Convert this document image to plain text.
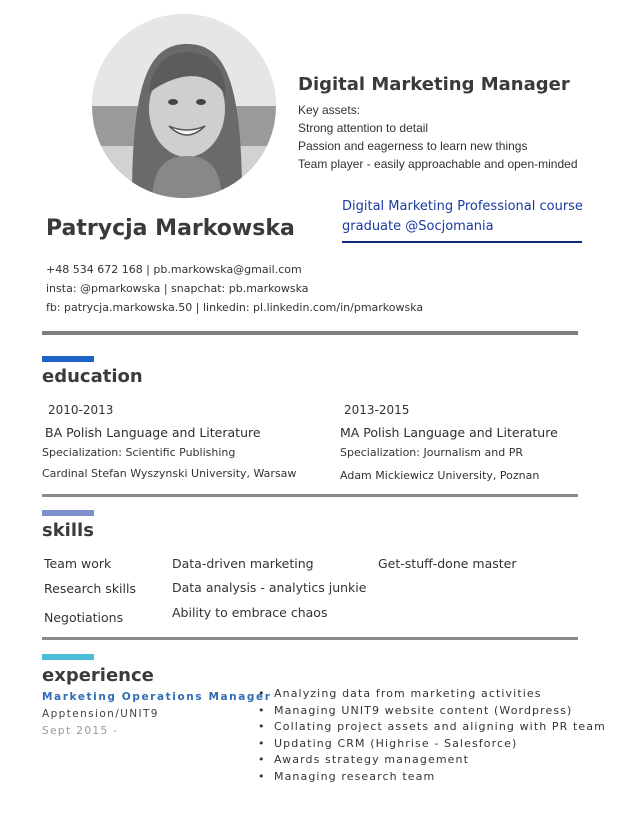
Digital Marketing Manager
Key assets:
Strong attention to detail
Passion and eagerness to learn new things
Team player - easily approachable and open-minded
Digital Marketing Professional course
graduate @Socjomania
Patrycja Markowska
+48 534 672 168 | pb.markowska@gmail.com
insta: @pmarkowska | snapchat: pb.markowska
fb: patrycja.markowska.50 | linkedin: pl.linkedin.com/in/pmarkowska
education
2010-2013
BA Polish Language and Literature
Specialization: Scientific Publishing
Cardinal Stefan Wyszynski University, Warsaw
2013-2015
MA Polish Language and Literature
Specialization: Journalism and PR
Adam Mickiewicz University, Poznan
skills
Team work
Research skills
Negotiations
Data-driven marketing
Data analysis - analytics junkie
Ability to embrace chaos
Get-stuff-done master
experience
Marketing Operations Manager
Apptension/UNIT9
Sept 2015 -
• Analyzing data from marketing activities
• Managing UNIT9 website content (Wordpress)
• Collating project assets and aligning with PR team
• Updating CRM (Highrise - Salesforce)
• Awards strategy management
• Managing research team
